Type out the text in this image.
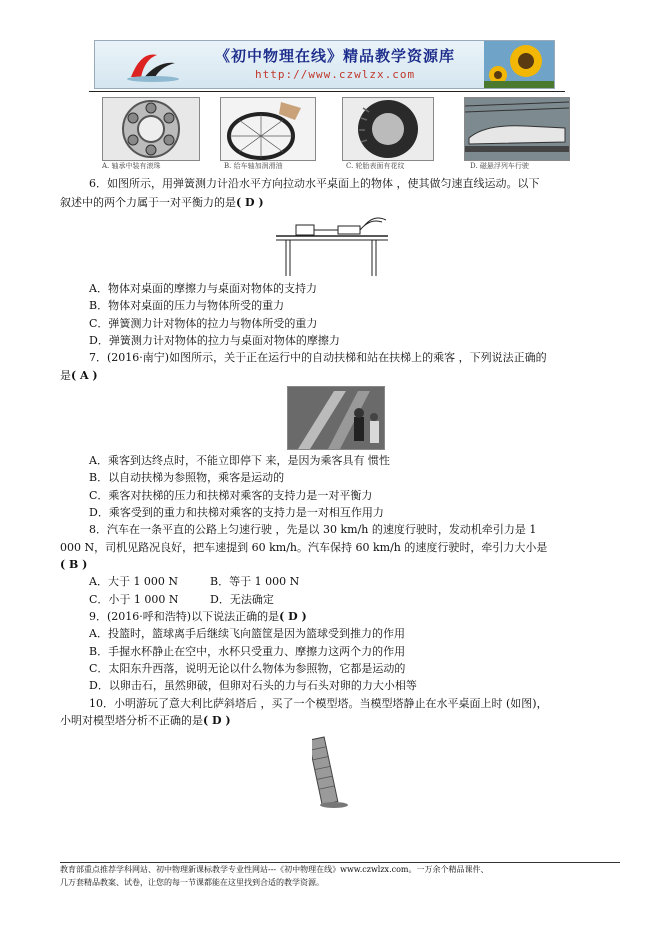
《初中物理在线》精品教学资源库
http://www.czwlzx.com
A. 轴承中装有滚珠	B. 给车轴加润滑油	C. 轮胎表面有花纹	D. 磁悬浮列车行驶
6．如图所示，用弹簧测力计沿水平方向拉动水平桌面上的物体 ，使其做匀速直线运动。以下
叙述中的两个力属于一对平衡力的是( D )
A．物体对桌面的摩擦力与桌面对物体的支持力
B．物体对桌面的压力与物体所受的重力
C．弹簧测力计对物体的拉力与物体所受的重力
D．弹簧测力计对物体的拉力与桌面对物体的摩擦力
7．(2016·南宁)如图所示，关于正在运行中的自动扶梯和站在扶梯上的乘客 ，下列说法正确的
是( A )
A．乘客到达终点时，不能立即停下 来，是因为乘客具有 惯性
B．以自动扶梯为参照物，乘客是运动的
C．乘客对扶梯的压力和扶梯对乘客的支持力是一对平衡力
D．乘客受到的重力和扶梯对乘客的支持力是一对相互作用力
8．汽车在一条平直的公路上匀速行驶 ，先是以 30 km/h 的速度行驶时，发动机牵引力是 1
000 N，司机见路况良好，把车速提到 60 km/h。汽车保持 60 km/h 的速度行驶时，牵引力大小是
( B )
A．大于 1 000 N	B．等于 1 000 N
C．小于 1 000 N	D．无法确定
9．(2016·呼和浩特)以下说法正确的是( D )
A．投篮时，篮球离手后继续飞向篮筐是因为篮球受到推力的作用
B．手握水杯静止在空中，水杯只受重力、摩擦力这两个力的作用
C．太阳东升西落，说明无论以什么物体为参照物，它都是运动的
D．以卵击石，虽然卵破，但卵对石头的力与石头对卵的力大小相等
10．小明游玩了意大利比萨斜塔后 ，买了一个模型塔。当模型塔静止在水平桌面上时 (如图)，
小明对模型塔分析不正确的是( D )
教育部重点推荐学科网站、初中物理新课标教学专业性网站---《初中物理在线》www.czwlzx.com。一万余个精品课件、
几万套精品教案、试卷，让您的每一节课都能在这里找到合适的教学资源。
